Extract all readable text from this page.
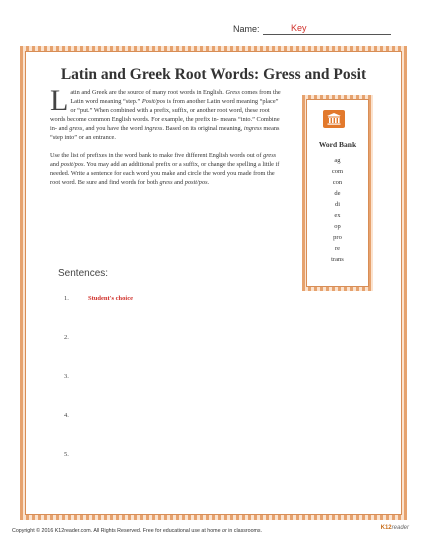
Name:	Key
Latin and Greek Root Words: Gress and Posit

Latin and Greek are the source of many root words in English. Gress comes from the Latin word meaning “step.” Posit/pos is from another Latin word meaning “place” or “put.” When combined with a prefix, suffix, or another root word, these root words become common English words. For example, the prefix in- means “into.” Combine in- and gress, and you have the word ingress. Based on its original meaning, ingress means “step into” or an entrance.

Use the list of prefixes in the word bank to make five different English words out of gress and posit/pos. You may add an additional prefix or a suffix, or change the spelling a little if needed. Write a sentence for each word you make and circle the word you made from the root word. Be sure and find words for both gress and posit/pos.

Word Bank
ag
com
con
de
di
ex
op
pro
re
trans
Sentences:
1.	Student's choice
2.
3.
4.
5.
Copyright © 2016 K12reader.com. All Rights Reserved. Free for educational use at home or in classrooms.	K12reader
